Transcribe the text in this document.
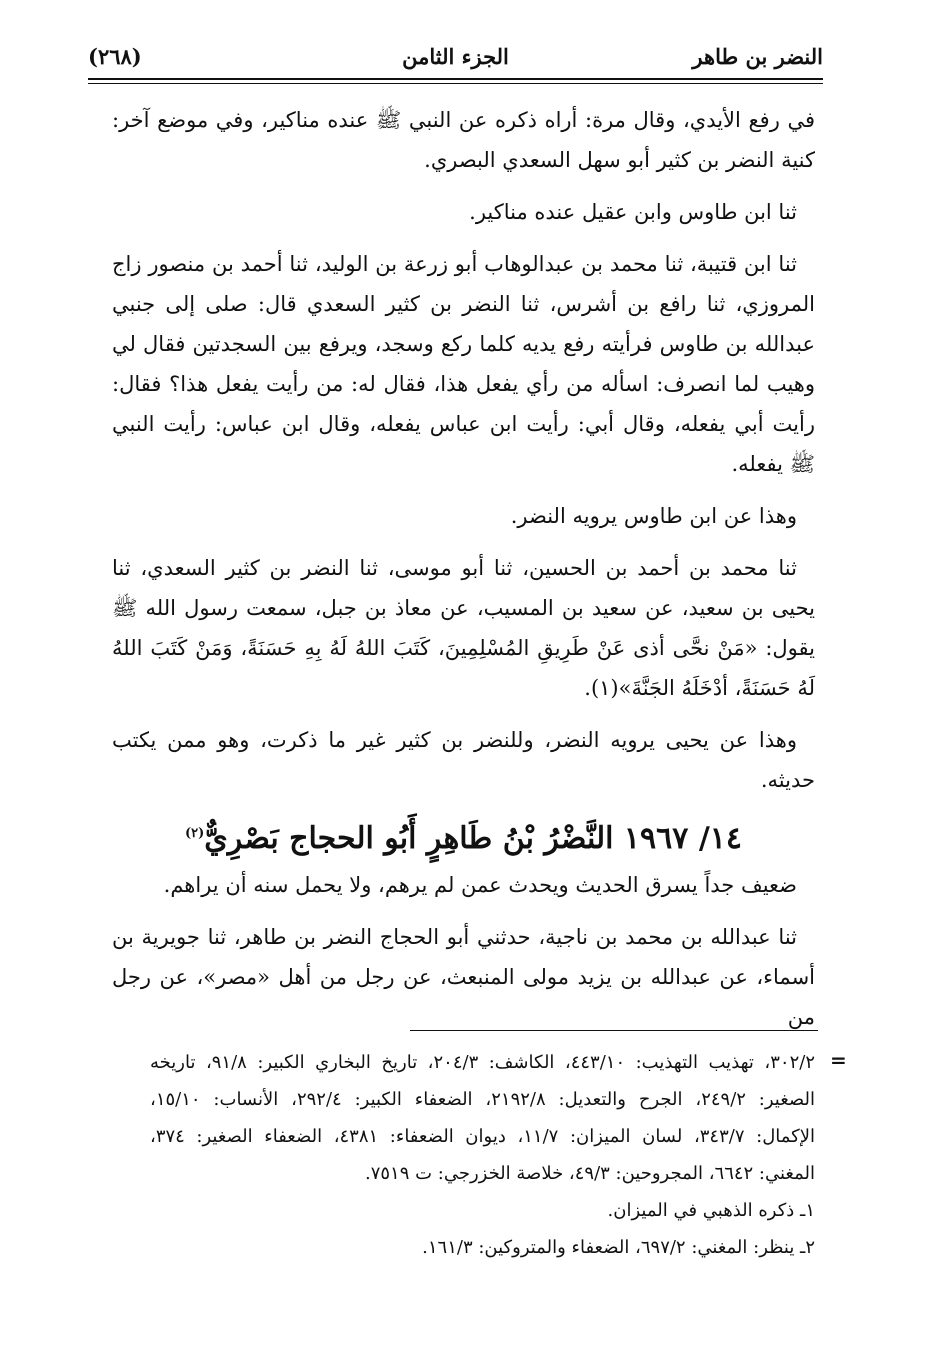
(٢٦٨)	الجزء الثامن	النضر بن طاهر

في رفع الأيدي، وقال مرة: أراه ذكره عن النبي ﷺ عنده مناكير، وفي موضع آخر: كنية النضر بن كثير أبو سهل السعدي البصري.

ثنا ابن طاوس وابن عقيل عنده مناكير.

ثنا ابن قتيبة، ثنا محمد بن عبدالوهاب أبو زرعة بن الوليد، ثنا أحمد بن منصور زاج المروزي، ثنا رافع بن أشرس، ثنا النضر بن كثير السعدي قال: صلى إلى جنبي عبدالله بن طاوس فرأيته رفع يديه كلما ركع وسجد، ويرفع بين السجدتين فقال لي وهيب لما انصرف: اسأله من رأي يفعل هذا، فقال له: من رأيت يفعل هذا؟ فقال: رأيت أبي يفعله، وقال أبي: رأيت ابن عباس يفعله، وقال ابن عباس: رأيت النبي ﷺ يفعله.

وهذا عن ابن طاوس يرويه النضر.

ثنا محمد بن أحمد بن الحسين، ثنا أبو موسى، ثنا النضر بن كثير السعدي، ثنا يحيى بن سعيد، عن سعيد بن المسيب، عن معاذ بن جبل، سمعت رسول الله ﷺ يقول: «مَنْ نحَّى أذى عَنْ طَرِيقِ المُسْلِمِينَ، كَتَبَ اللهُ لَهُ بِهِ حَسَنَةً، وَمَنْ كَتَبَ اللهُ لَهُ حَسَنَةً، أدْخَلَهُ الجَنَّةَ»(١).

وهذا عن يحيى يرويه النضر، وللنضر بن كثير غير ما ذكرت، وهو ممن يكتب حديثه.

١٤/ ١٩٦٧ النَّضْرُ بْنُ طَاهِرٍ أَبُو الحجاج بَصْرِيٌّ$^{(٢)}$

ضعيف جداً يسرق الحديث ويحدث عمن لم يرهم، ولا يحمل سنه أن يراهم.

ثنا عبدالله بن محمد بن ناجية، حدثني أبو الحجاج النضر بن طاهر، ثنا جويرية بن أسماء، عن عبدالله بن يزيد مولى المنبعث، عن رجل من أهل «مصر»، عن رجل من

=

٣٠٢/٢، تهذيب التهذيب: ٤٤٣/١٠، الكاشف: ٢٠٤/٣، تاريخ البخاري الكبير: ٩١/٨، تاريخه الصغير: ٢٤٩/٢، الجرح والتعديل: ٢١٩٢/٨، الضعفاء الكبير: ٢٩٢/٤، الأنساب: ١٥/١٠، الإكمال: ٣٤٣/٧، لسان الميزان: ١١/٧، ديوان الضعفاء: ٤٣٨١، الضعفاء الصغير: ٣٧٤، المغني: ٦٦٤٢، المجروحين: ٤٩/٣، خلاصة الخزرجي: ت ٧٥١٩.

١ـ ذكره الذهبي في الميزان.

٢ـ ينظر: المغني: ٦٩٧/٢، الضعفاء والمتروكين: ١٦١/٣.
